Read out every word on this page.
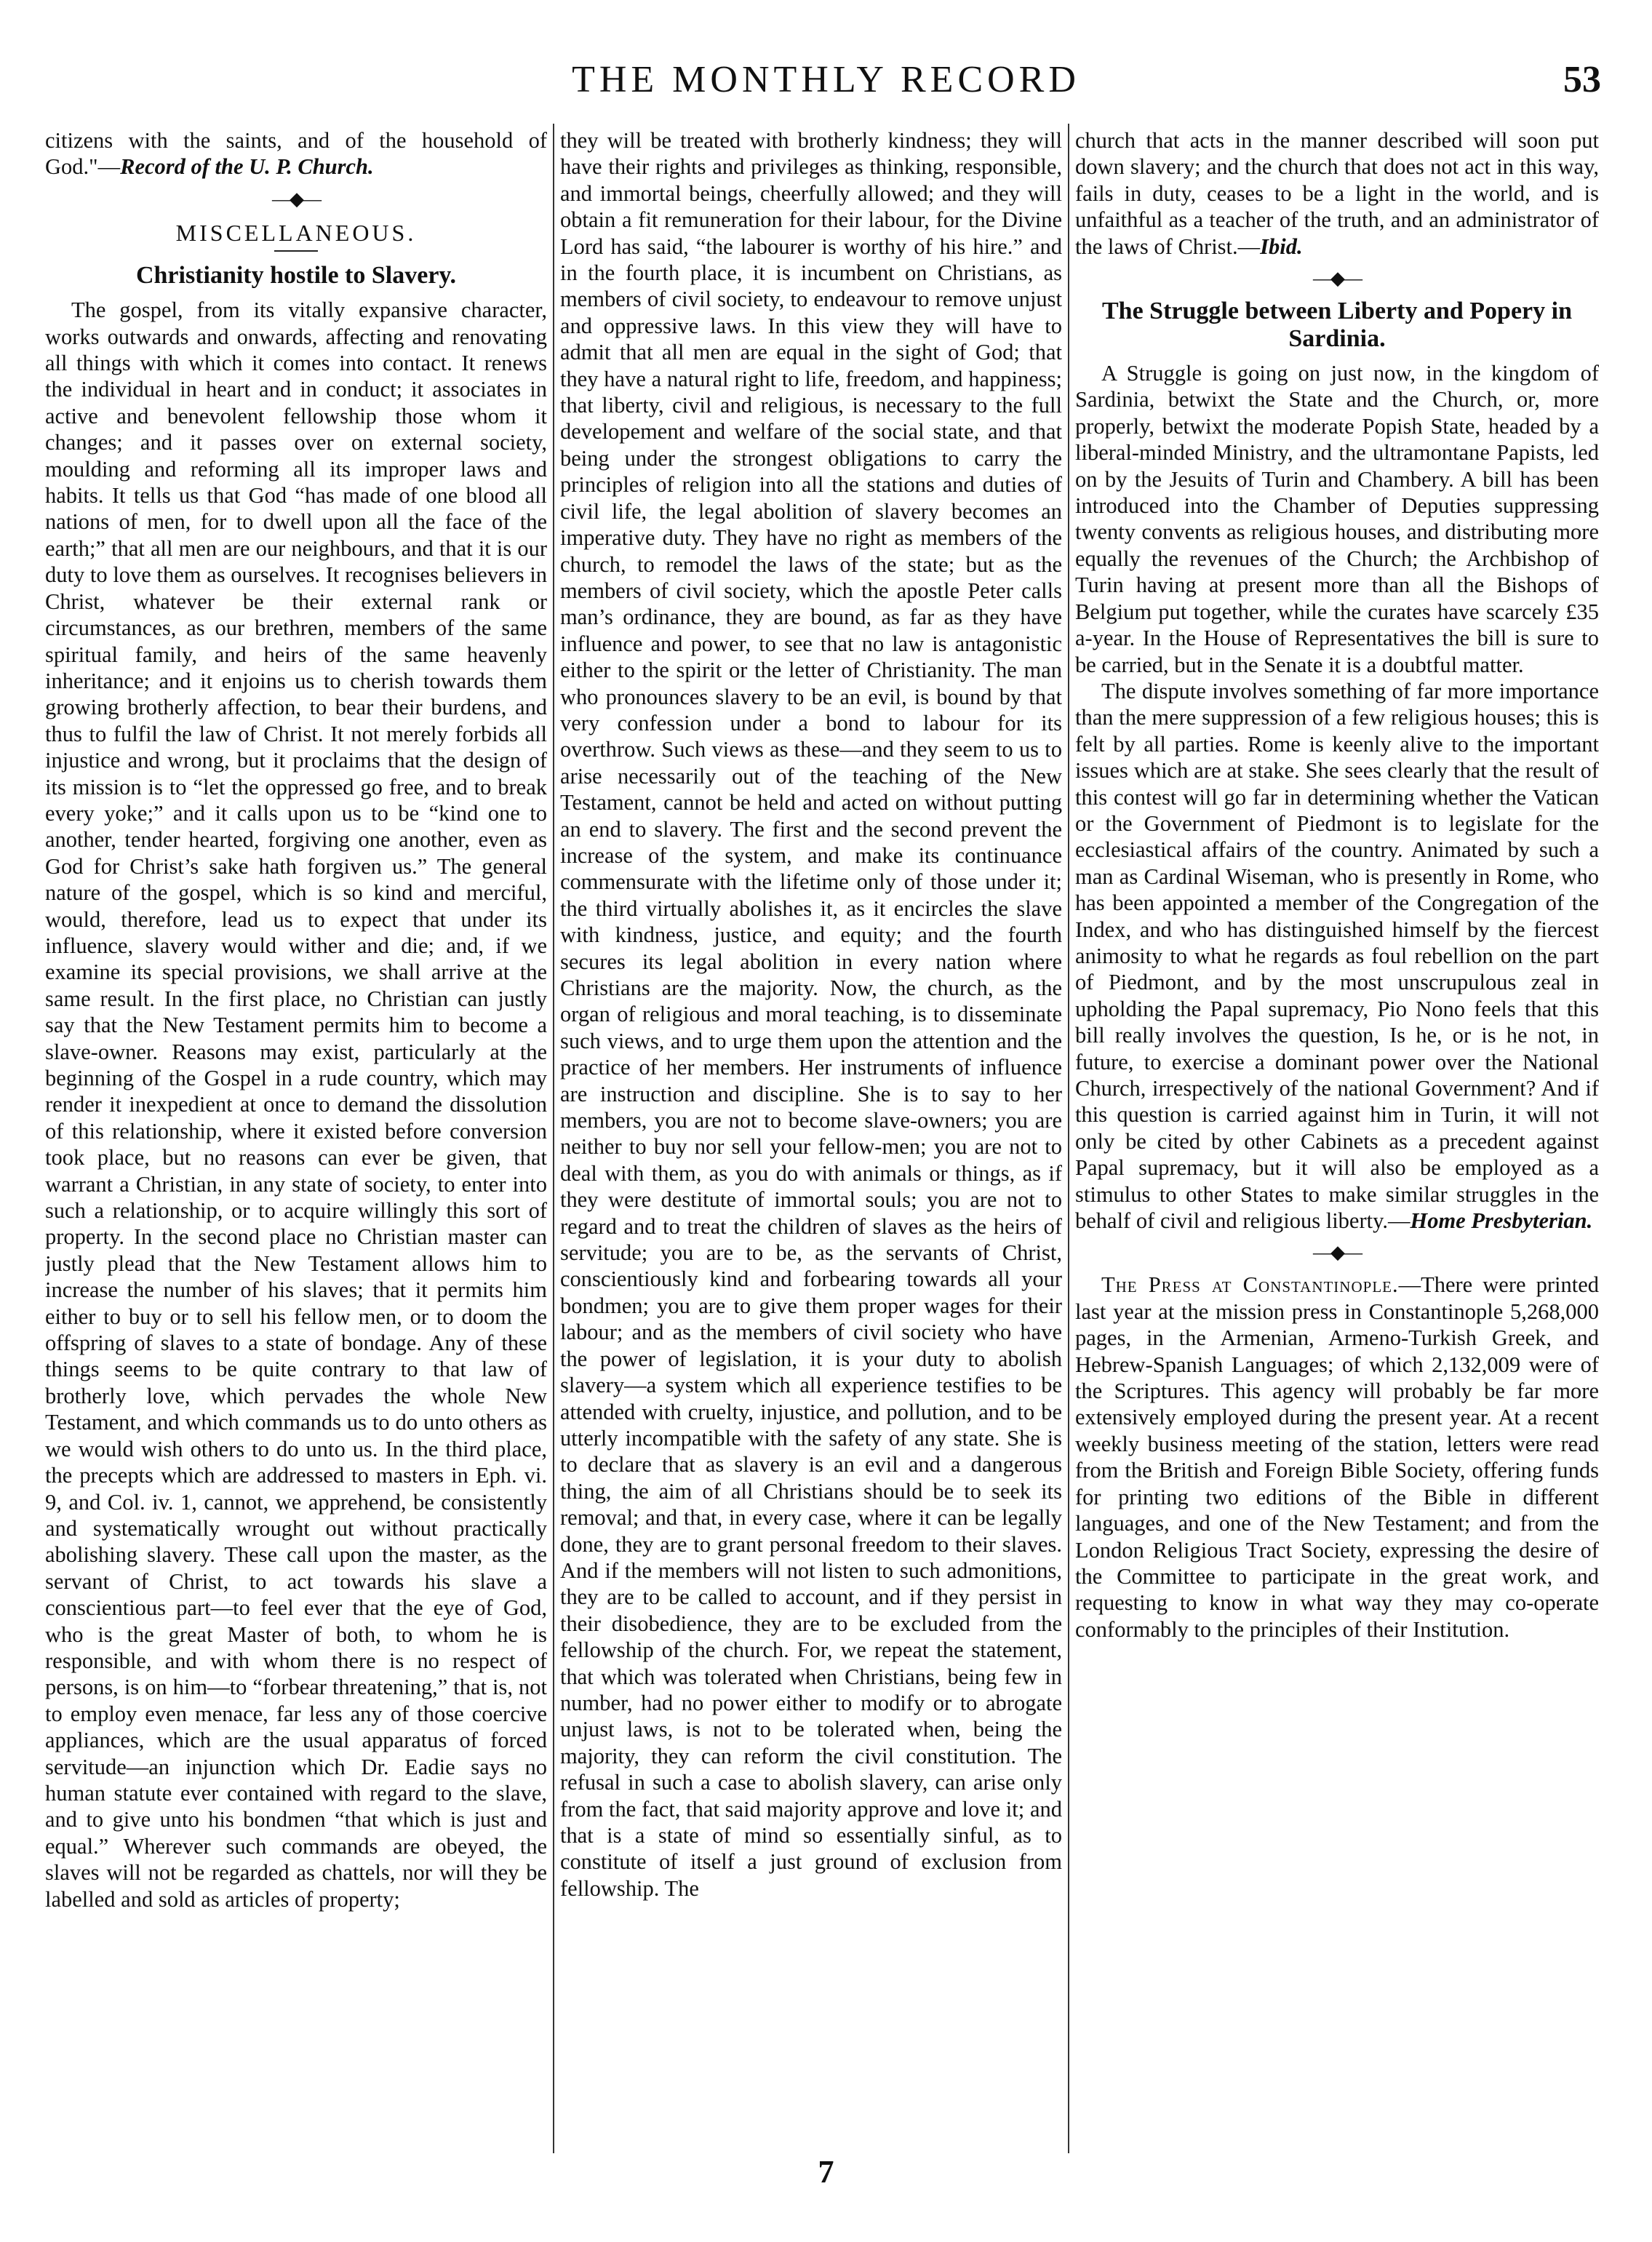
THE MONTHLY RECORD	53

citizens with the saints, and of the household of God."—Record of the U. P. Church.

—◆—
MISCELLANEOUS.
Christianity hostile to Slavery.

The gospel, from its vitally expansive character, works outwards and onwards, affecting and renovating all things with which it comes into contact. It renews the individual in heart and in conduct; it associates in active and benevolent fellowship those whom it changes; and it passes over on external society, moulding and reforming all its improper laws and habits. It tells us that God “has made of one blood all nations of men, for to dwell upon all the face of the earth;” that all men are our neighbours, and that it is our duty to love them as ourselves. It recognises believers in Christ, whatever be their external rank or circumstances, as our brethren, members of the same spiritual family, and heirs of the same heavenly inheritance; and it enjoins us to cherish towards them growing brotherly affection, to bear their burdens, and thus to fulfil the law of Christ. It not merely forbids all injustice and wrong, but it proclaims that the design of its mission is to “let the oppressed go free, and to break every yoke;” and it calls upon us to be “kind one to another, tender hearted, forgiving one another, even as God for Christ’s sake hath forgiven us.” The general nature of the gospel, which is so kind and merciful, would, therefore, lead us to expect that under its influence, slavery would wither and die; and, if we examine its special provisions, we shall arrive at the same result. In the first place, no Christian can justly say that the New Testament permits him to become a slave-owner. Reasons may exist, particularly at the beginning of the Gospel in a rude country, which may render it inexpedient at once to demand the dissolution of this relationship, where it existed before conversion took place, but no reasons can ever be given, that warrant a Christian, in any state of society, to enter into such a relationship, or to acquire willingly this sort of property. In the second place no Christian master can justly plead that the New Testament allows him to increase the number of his slaves; that it permits him either to buy or to sell his fellow men, or to doom the offspring of slaves to a state of bondage. Any of these things seems to be quite contrary to that law of brotherly love, which pervades the whole New Testament, and which commands us to do unto others as we would wish others to do unto us. In the third place, the precepts which are addressed to masters in Eph. vi. 9, and Col. iv. 1, cannot, we apprehend, be consistently and systematically wrought out without practically abolishing slavery. These call upon the master, as the servant of Christ, to act towards his slave a conscientious part—to feel ever that the eye of God, who is the great Master of both, to whom he is responsible, and with whom there is no respect of persons, is on him—to “forbear threatening,” that is, not to employ even menace, far less any of those coercive appliances, which are the usual apparatus of forced servitude—an injunction which Dr. Eadie says no human statute ever contained with regard to the slave, and to give unto his bondmen “that which is just and equal.” Wherever such commands are obeyed, the slaves will not be regarded as chattels, nor will they be labelled and sold as articles of property;

they will be treated with brotherly kindness; they will have their rights and privileges as thinking, responsible, and immortal beings, cheerfully allowed; and they will obtain a fit remuneration for their labour, for the Divine Lord has said, “the labourer is worthy of his hire.” and in the fourth place, it is incumbent on Christians, as members of civil society, to endeavour to remove unjust and oppressive laws. In this view they will have to admit that all men are equal in the sight of God; that they have a natural right to life, freedom, and happiness; that liberty, civil and religious, is necessary to the full developement and welfare of the social state, and that being under the strongest obligations to carry the principles of religion into all the stations and duties of civil life, the legal abolition of slavery becomes an imperative duty. They have no right as members of the church, to remodel the laws of the state; but as the members of civil society, which the apostle Peter calls man’s ordinance, they are bound, as far as they have influence and power, to see that no law is antagonistic either to the spirit or the letter of Christianity. The man who pronounces slavery to be an evil, is bound by that very confession under a bond to labour for its overthrow. Such views as these—and they seem to us to arise necessarily out of the teaching of the New Testament, cannot be held and acted on without putting an end to slavery. The first and the second prevent the increase of the system, and make its continuance commensurate with the lifetime only of those under it; the third virtually abolishes it, as it encircles the slave with kindness, justice, and equity; and the fourth secures its legal abolition in every nation where Christians are the majority. Now, the church, as the organ of religious and moral teaching, is to disseminate such views, and to urge them upon the attention and the practice of her members. Her instruments of influence are instruction and discipline. She is to say to her members, you are not to become slave-owners; you are neither to buy nor sell your fellow-men; you are not to deal with them, as you do with animals or things, as if they were destitute of immortal souls; you are not to regard and to treat the children of slaves as the heirs of servitude; you are to be, as the servants of Christ, conscientiously kind and forbearing towards all your bondmen; you are to give them proper wages for their labour; and as the members of civil society who have the power of legislation, it is your duty to abolish slavery—a system which all experience testifies to be attended with cruelty, injustice, and pollution, and to be utterly incompatible with the safety of any state. She is to declare that as slavery is an evil and a dangerous thing, the aim of all Christians should be to seek its removal; and that, in every case, where it can be legally done, they are to grant personal freedom to their slaves. And if the members will not listen to such admonitions, they are to be called to account, and if they persist in their disobedience, they are to be excluded from the fellowship of the church. For, we repeat the statement, that which was tolerated when Christians, being few in number, had no power either to modify or to abrogate unjust laws, is not to be tolerated when, being the majority, they can reform the civil constitution. The refusal in such a case to abolish slavery, can arise only from the fact, that said majority approve and love it; and that is a state of mind so essentially sinful, as to constitute of itself a just ground of exclusion from fellowship. The

church that acts in the manner described will soon put down slavery; and the church that does not act in this way, fails in duty, ceases to be a light in the world, and is unfaithful as a teacher of the truth, and an administrator of the laws of Christ.—Ibid.

—◆—
The Struggle between Liberty and Popery in Sardinia.

A Struggle is going on just now, in the kingdom of Sardinia, betwixt the State and the Church, or, more properly, betwixt the moderate Popish State, headed by a liberal-minded Ministry, and the ultramontane Papists, led on by the Jesuits of Turin and Chambery. A bill has been introduced into the Chamber of Deputies suppressing twenty convents as religious houses, and distributing more equally the revenues of the Church; the Archbishop of Turin having at present more than all the Bishops of Belgium put together, while the curates have scarcely £35 a-year. In the House of Representatives the bill is sure to be carried, but in the Senate it is a doubtful matter.

The dispute involves something of far more importance than the mere suppression of a few religious houses; this is felt by all parties. Rome is keenly alive to the important issues which are at stake. She sees clearly that the result of this contest will go far in determining whether the Vatican or the Government of Piedmont is to legislate for the ecclesiastical affairs of the country. Animated by such a man as Cardinal Wiseman, who is presently in Rome, who has been appointed a member of the Congregation of the Index, and who has distinguished himself by the fiercest animosity to what he regards as foul rebellion on the part of Piedmont, and by the most unscrupulous zeal in upholding the Papal supremacy, Pio Nono feels that this bill really involves the question, Is he, or is he not, in future, to exercise a dominant power over the National Church, irrespectively of the national Government? And if this question is carried against him in Turin, it will not only be cited by other Cabinets as a precedent against Papal supremacy, but it will also be employed as a stimulus to other States to make similar struggles in the behalf of civil and religious liberty.—Home Presbyterian.

—◆—

The Press at Constantinople.—There were printed last year at the mission press in Constantinople 5,268,000 pages, in the Armenian, Armeno-Turkish Greek, and Hebrew-Spanish Languages; of which 2,132,009 were of the Scriptures. This agency will probably be far more extensively employed during the present year. At a recent weekly business meeting of the station, letters were read from the British and Foreign Bible Society, offering funds for printing two editions of the Bible in different languages, and one of the New Testament; and from the London Religious Tract Society, expressing the desire of the Committee to participate in the great work, and requesting to know in what way they may co-operate conformably to the principles of their Institution.

7
